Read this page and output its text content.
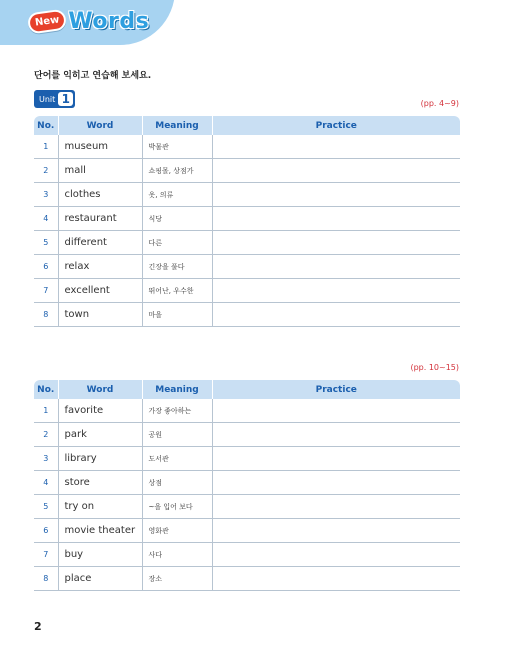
New Words
단어를 익히고 연습해 보세요.
Unit 1	(pp. 4~9)
No.	Word	Meaning	Practice
1	museum	박물관	
2	mall	쇼핑몰, 상점가	
3	clothes	옷, 의류	
4	restaurant	식당	
5	different	다른	
6	relax	긴장을 풀다	
7	excellent	뛰어난, 우수한	
8	town	마을	
(pp. 10~15)
No.	Word	Meaning	Practice
1	favorite	가장 좋아하는	
2	park	공원	
3	library	도서관	
4	store	상점	
5	try on	~을 입어 보다	
6	movie theater	영화관	
7	buy	사다	
8	place	장소	
2
